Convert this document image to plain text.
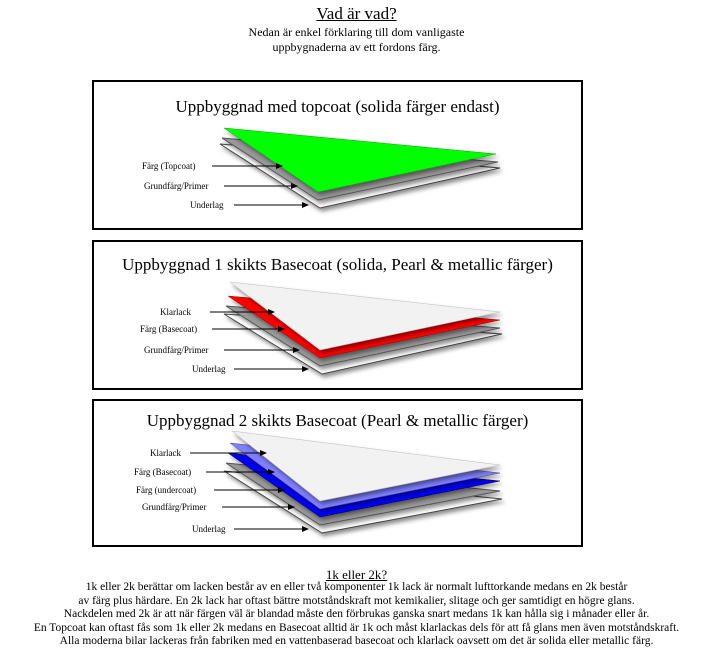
Vad är vad?
Nedan är enkel förklaring till dom vanligaste
uppbygnaderna av ett fordons färg.
Uppbyggnad med topcoat (solida färger endast)
Färg (Topcoat)
Grundfärg/Primer
Underlag
Uppbyggnad 1 skikts Basecoat (solida, Pearl & metallic färger)
Klarlack
Färg (Basecoat)
Grundfärg/Primer
Underlag
Uppbyggnad 2 skikts Basecoat (Pearl & metallic färger)
Klarlack
Färg (Basecoat)
Färg (undercoat)
Grundfärg/Primer
Underlag
1k eller 2k?
1k eller 2k berättar om lacken består av en eller två komponenter 1k lack är normalt lufttorkande medans en 2k består
av färg plus härdare. En 2k lack har oftast bättre motståndskraft mot kemikalier, slitage och ger samtidigt en högre glans.
Nackdelen med 2k är att när färgen väl är blandad måste den förbrukas ganska snart medans 1k kan hålla sig i månader eller år.
En Topcoat kan oftast fås som 1k eller 2k medans en Basecoat alltid är 1k och måst klarlackas dels för att få glans men även motståndskraft.
Alla moderna bilar lackeras från fabriken med en vattenbaserad basecoat och klarlack oavsett om det är solida eller metallic färg.
